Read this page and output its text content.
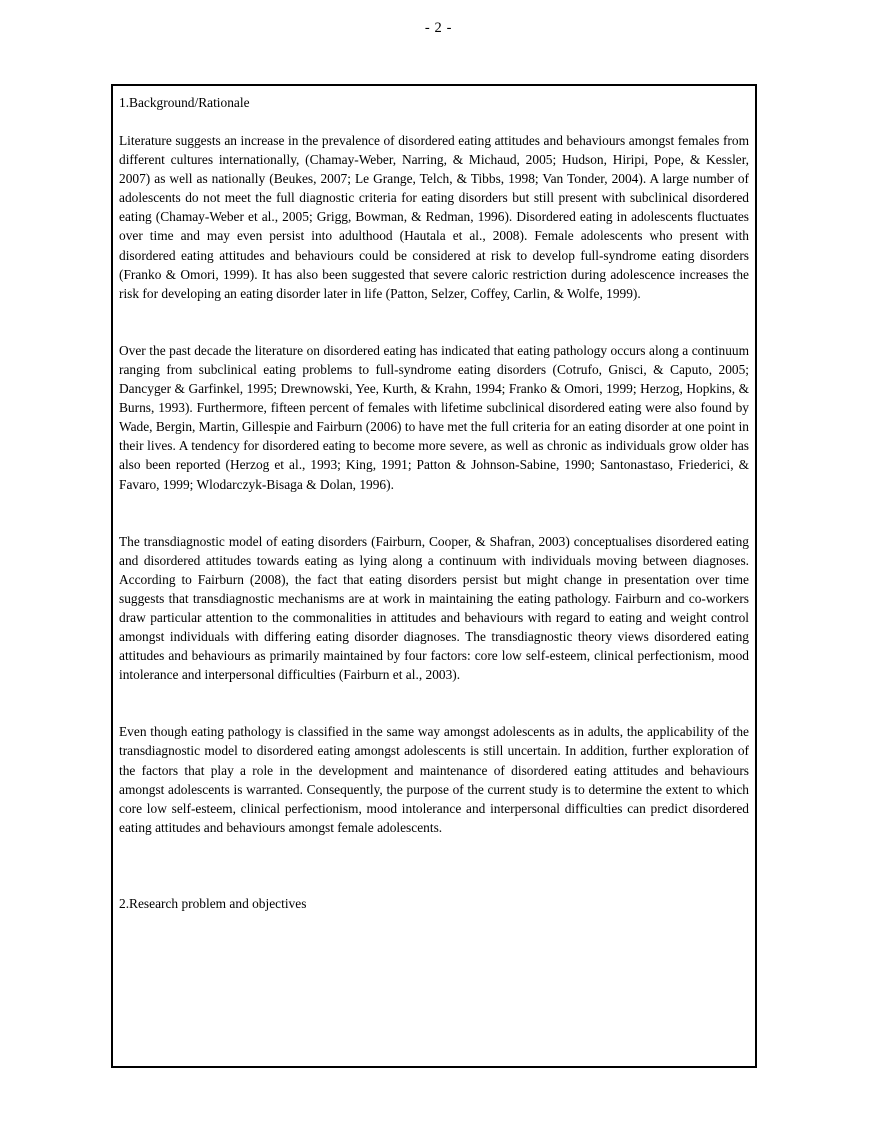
- 2 -
1.Background/Rationale

Literature suggests an increase in the prevalence of disordered eating attitudes and behaviours amongst females from different cultures internationally, (Chamay-Weber, Narring, & Michaud, 2005; Hudson, Hiripi, Pope, & Kessler, 2007) as well as nationally (Beukes, 2007; Le Grange, Telch, & Tibbs, 1998; Van Tonder, 2004). A large number of adolescents do not meet the full diagnostic criteria for eating disorders but still present with subclinical disordered eating (Chamay-Weber et al., 2005; Grigg, Bowman, & Redman, 1996). Disordered eating in adolescents fluctuates over time and may even persist into adulthood (Hautala et al., 2008). Female adolescents who present with disordered eating attitudes and behaviours could be considered at risk to develop full-syndrome eating disorders (Franko & Omori, 1999). It has also been suggested that severe caloric restriction during adolescence increases the risk for developing an eating disorder later in life (Patton, Selzer, Coffey, Carlin, & Wolfe, 1999).

Over the past decade the literature on disordered eating has indicated that eating pathology occurs along a continuum ranging from subclinical eating problems to full-syndrome eating disorders (Cotrufo, Gnisci, & Caputo, 2005; Dancyger & Garfinkel, 1995; Drewnowski, Yee, Kurth, & Krahn, 1994; Franko & Omori, 1999; Herzog, Hopkins, & Burns, 1993). Furthermore, fifteen percent of females with lifetime subclinical disordered eating were also found by Wade, Bergin, Martin, Gillespie and Fairburn (2006) to have met the full criteria for an eating disorder at one point in their lives. A tendency for disordered eating to become more severe, as well as chronic as individuals grow older has also been reported (Herzog et al., 1993; King, 1991; Patton & Johnson-Sabine, 1990; Santonastaso, Friederici, & Favaro, 1999; Wlodarczyk-Bisaga & Dolan, 1996).

The transdiagnostic model of eating disorders (Fairburn, Cooper, & Shafran, 2003) conceptualises disordered eating and disordered attitudes towards eating as lying along a continuum with individuals moving between diagnoses. According to Fairburn (2008), the fact that eating disorders persist but might change in presentation over time suggests that transdiagnostic mechanisms are at work in maintaining the eating pathology. Fairburn and co-workers draw particular attention to the commonalities in attitudes and behaviours with regard to eating and weight control amongst individuals with differing eating disorder diagnoses. The transdiagnostic theory views disordered eating attitudes and behaviours as primarily maintained by four factors: core low self-esteem, clinical perfectionism, mood intolerance and interpersonal difficulties (Fairburn et al., 2003).

Even though eating pathology is classified in the same way amongst adolescents as in adults, the applicability of the transdiagnostic model to disordered eating amongst adolescents is still uncertain. In addition, further exploration of the factors that play a role in the development and maintenance of disordered eating attitudes and behaviours amongst adolescents is warranted. Consequently, the purpose of the current study is to determine the extent to which core low self-esteem, clinical perfectionism, mood intolerance and interpersonal difficulties can predict disordered eating attitudes and behaviours amongst female adolescents.

2.Research problem and objectives
